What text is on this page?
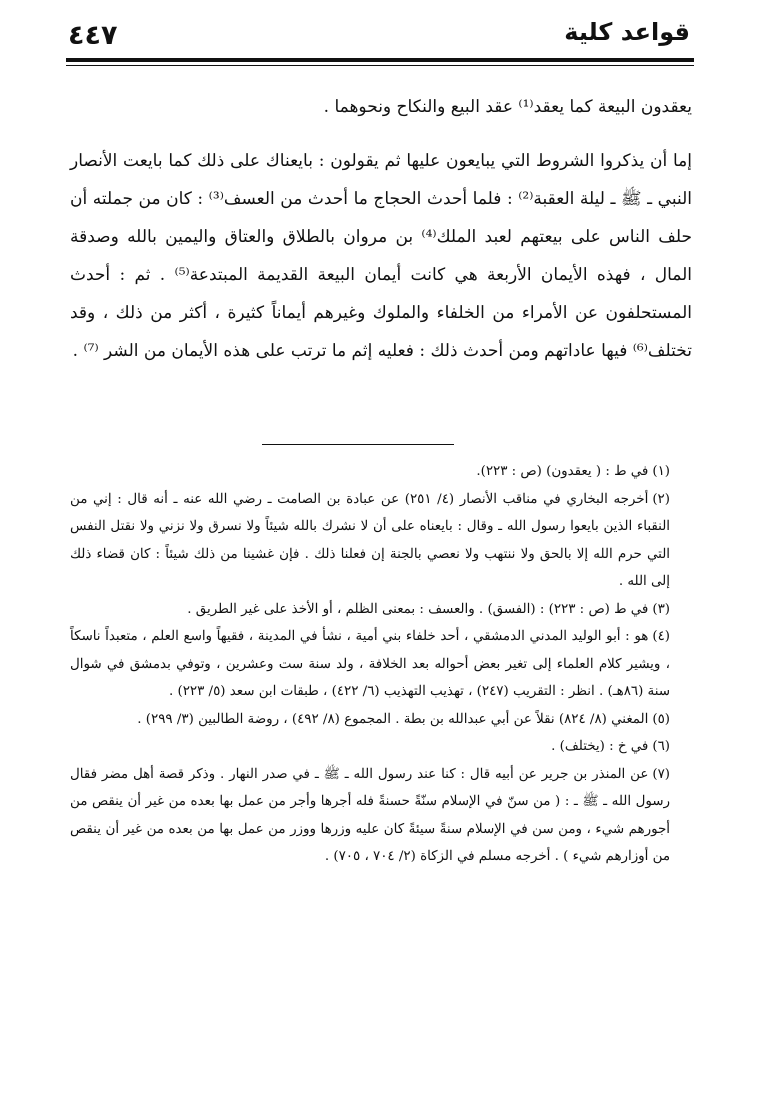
٤٤٧	قواعد كلية

يعقدون البيعة كما يعقد⁽¹⁾ عقد البيع والنكاح ونحوهما .

إما أن يذكروا الشروط التي يبايعون عليها ثم يقولون : بايعناك على ذلك كما بايعت الأنصار النبي ـ ﷺ ـ ليلة العقبة⁽²⁾ : فلما أحدث الحجاج ما أحدث من العسف⁽³⁾ : كان من جملته أن حلف الناس على بيعتهم لعبد الملك⁽⁴⁾ بن مروان بالطلاق والعتاق واليمين بالله وصدقة المال ، فهذه الأيمان الأربعة هي كانت أيمان البيعة القديمة المبتدعة⁽⁵⁾ . ثم : أحدث المستحلفون عن الأمراء من الخلفاء والملوك وغيرهم أيماناً كثيرة ، أكثر من ذلك ، وقد تختلف⁽⁶⁾ فيها عاداتهم ومن أحدث ذلك : فعليه إثم ما ترتب على هذه الأيمان من الشر ⁽⁷⁾ .

(١)في ط : ( يعقدون) (ص : ٢٢٣).

(٢)أخرجه البخاري في مناقب الأنصار (٤/ ٢٥١) عن عبادة بن الصامت ـ رضي الله عنه ـ أنه قال : إني من النقباء الذين بايعوا رسول الله ـ وقال : بايعناه على أن لا نشرك بالله شيئاً ولا نسرق ولا نزني ولا نقتل النفس التي حرم الله إلا بالحق ولا ننتهب ولا نعصي بالجنة إن فعلنا ذلك . فإن غشينا من ذلك شيئاً : كان قضاء ذلك إلى الله .

(٣)في ط (ص : ٢٢٣) : (الفسق) . والعسف : بمعنى الظلم ، أو الأخذ على غير الطريق .

(٤)هو : أبو الوليد المدني الدمشقي ، أحد خلفاء بني أمية ، نشأ في المدينة ، فقيهاً واسع العلم ، متعبداً ناسكاً ، ويشير كلام العلماء إلى تغير بعض أحواله بعد الخلافة ، ولد سنة ست وعشرين ، وتوفي بدمشق في شوال سنة (٨٦هـ) . انظر : التقريب (٢٤٧) ، تهذيب التهذيب (٦/ ٤٢٢) ، طبقات ابن سعد (٥/ ٢٢٣) .

(٥)المغني (٨/ ٨٢٤) نقلاً عن أبي عبدالله بن بطة . المجموع (٨/ ٤٩٢) ، روضة الطالبين (٣/ ٢٩٩) .

(٦)في خ : (يختلف) .

(٧)عن المنذر بن جرير عن أبيه قال : كنا عند رسول الله ـ ﷺ ـ في صدر النهار . وذكر قصة أهل مضر فقال رسول الله ـ ﷺ ـ : ( من سنّ في الإسلام سنّةً حسنةً فله أجرها وأجر من عمل بها بعده من غير أن ينقص من أجورهم شيء ، ومن سن في الإسلام سنةً سيئةً كان عليه وزرها ووزر من عمل بها من بعده من غير أن ينقص من أوزارهم شيء ) . أخرجه مسلم في الزكاة (٢/ ٧٠٤ ، ٧٠٥) .
